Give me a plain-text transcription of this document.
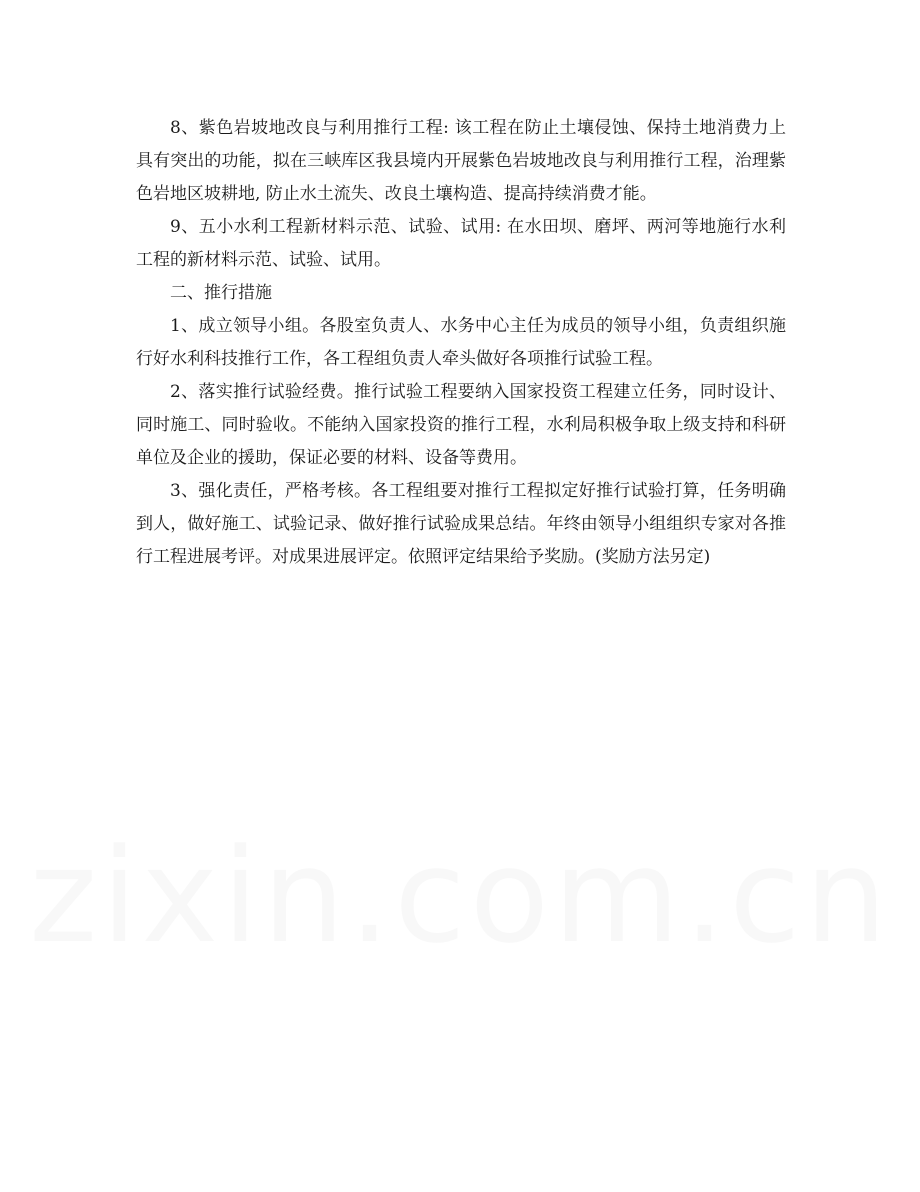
8、紫色岩坡地改良与利用推行工程: 该工程在防止土壤侵蚀、保持土地消费力上具有突出的功能，拟在三峡库区我县境内开展紫色岩坡地改良与利用推行工程，治理紫色岩地区坡耕地, 防止水土流失、改良土壤构造、提高持续消费才能。

9、五小水利工程新材料示范、试验、试用: 在水田坝、磨坪、两河等地施行水利工程的新材料示范、试验、试用。

二、推行措施

1、成立领导小组。各股室负责人、水务中心主任为成员的领导小组，负责组织施行好水利科技推行工作，各工程组负责人牵头做好各项推行试验工程。

2、落实推行试验经费。推行试验工程要纳入国家投资工程建立任务，同时设计、同时施工、同时验收。不能纳入国家投资的推行工程，水利局积极争取上级支持和科研单位及企业的援助，保证必要的材料、设备等费用。

3、强化责任，严格考核。各工程组要对推行工程拟定好推行试验打算，任务明确到人，做好施工、试验记录、做好推行试验成果总结。年终由领导小组组织专家对各推行工程进展考评。对成果进展评定。依照评定结果给予奖励。(奖励方法另定)
